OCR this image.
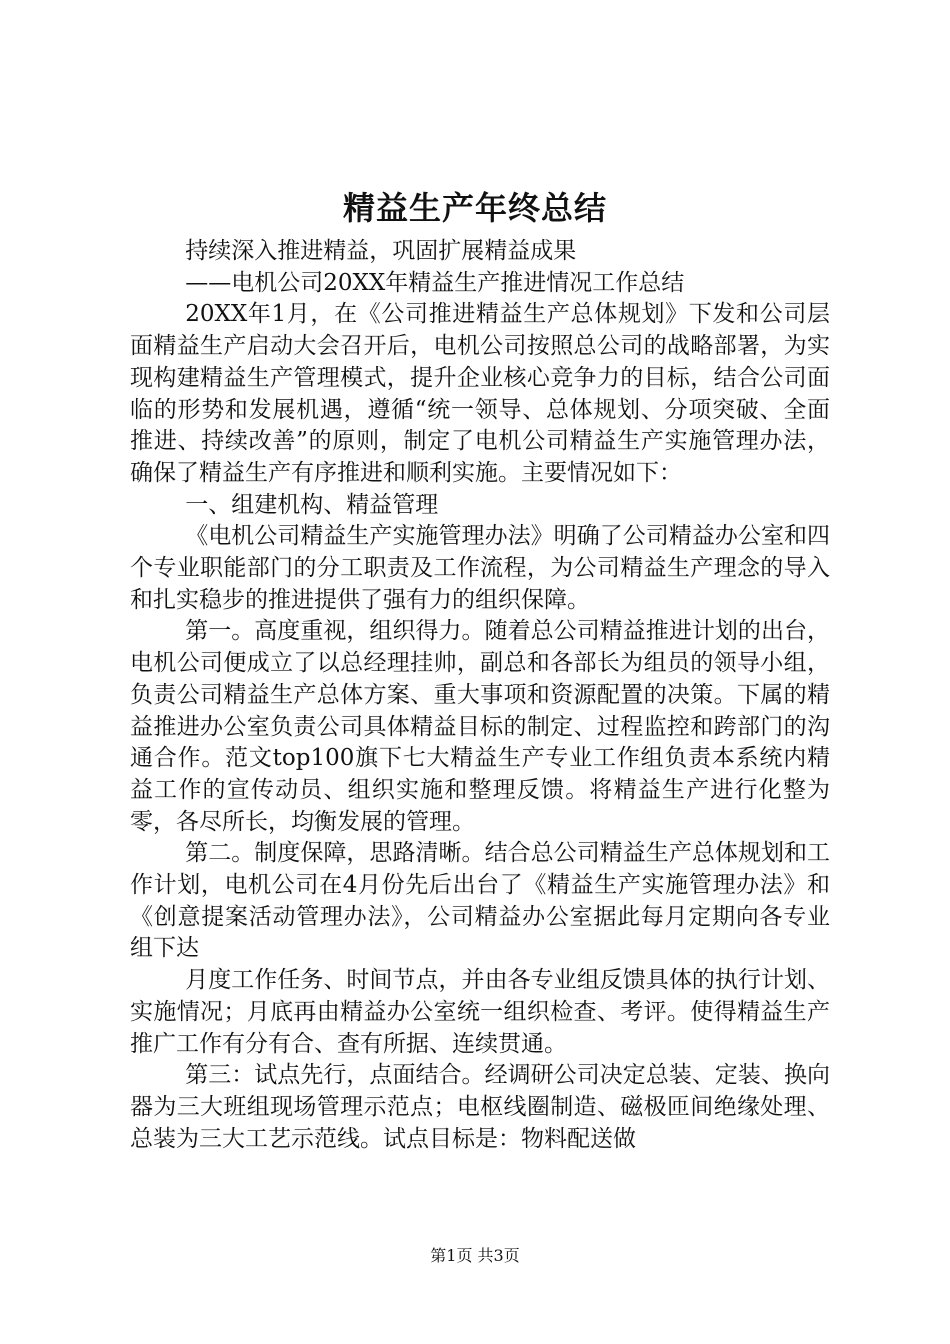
精益生产年终总结

持续深入推进精益，巩固扩展精益成果

——电机公司20XX年精益生产推进情况工作总结

20XX年1月，在《公司推进精益生产总体规划》下发和公司层面精益生产启动大会召开后，电机公司按照总公司的战略部署，为实现构建精益生产管理模式，提升企业核心竞争力的目标，结合公司面临的形势和发展机遇，遵循“统一领导、总体规划、分项突破、全面推进、持续改善”的原则，制定了电机公司精益生产实施管理办法，确保了精益生产有序推进和顺利实施。主要情况如下：

一、组建机构、精益管理

《电机公司精益生产实施管理办法》明确了公司精益办公室和四个专业职能部门的分工职责及工作流程，为公司精益生产理念的导入和扎实稳步的推进提供了强有力的组织保障。

第一。高度重视，组织得力。随着总公司精益推进计划的出台，电机公司便成立了以总经理挂帅，副总和各部长为组员的领导小组，负责公司精益生产总体方案、重大事项和资源配置的决策。下属的精益推进办公室负责公司具体精益目标的制定、过程监控和跨部门的沟通合作。范文top100旗下七大精益生产专业工作组负责本系统内精益工作的宣传动员、组织实施和整理反馈。将精益生产进行化整为零，各尽所长，均衡发展的管理。

第二。制度保障，思路清晰。结合总公司精益生产总体规划和工作计划，电机公司在4月份先后出台了《精益生产实施管理办法》和《创意提案活动管理办法》，公司精益办公室据此每月定期向各专业组下达

月度工作任务、时间节点，并由各专业组反馈具体的执行计划、实施情况；月底再由精益办公室统一组织检查、考评。使得精益生产推广工作有分有合、查有所据、连续贯通。

第三：试点先行，点面结合。经调研公司决定总装、定装、换向器为三大班组现场管理示范点；电枢线圈制造、磁极匝间绝缘处理、总装为三大工艺示范线。试点目标是：物料配送做

第1页 共3页
